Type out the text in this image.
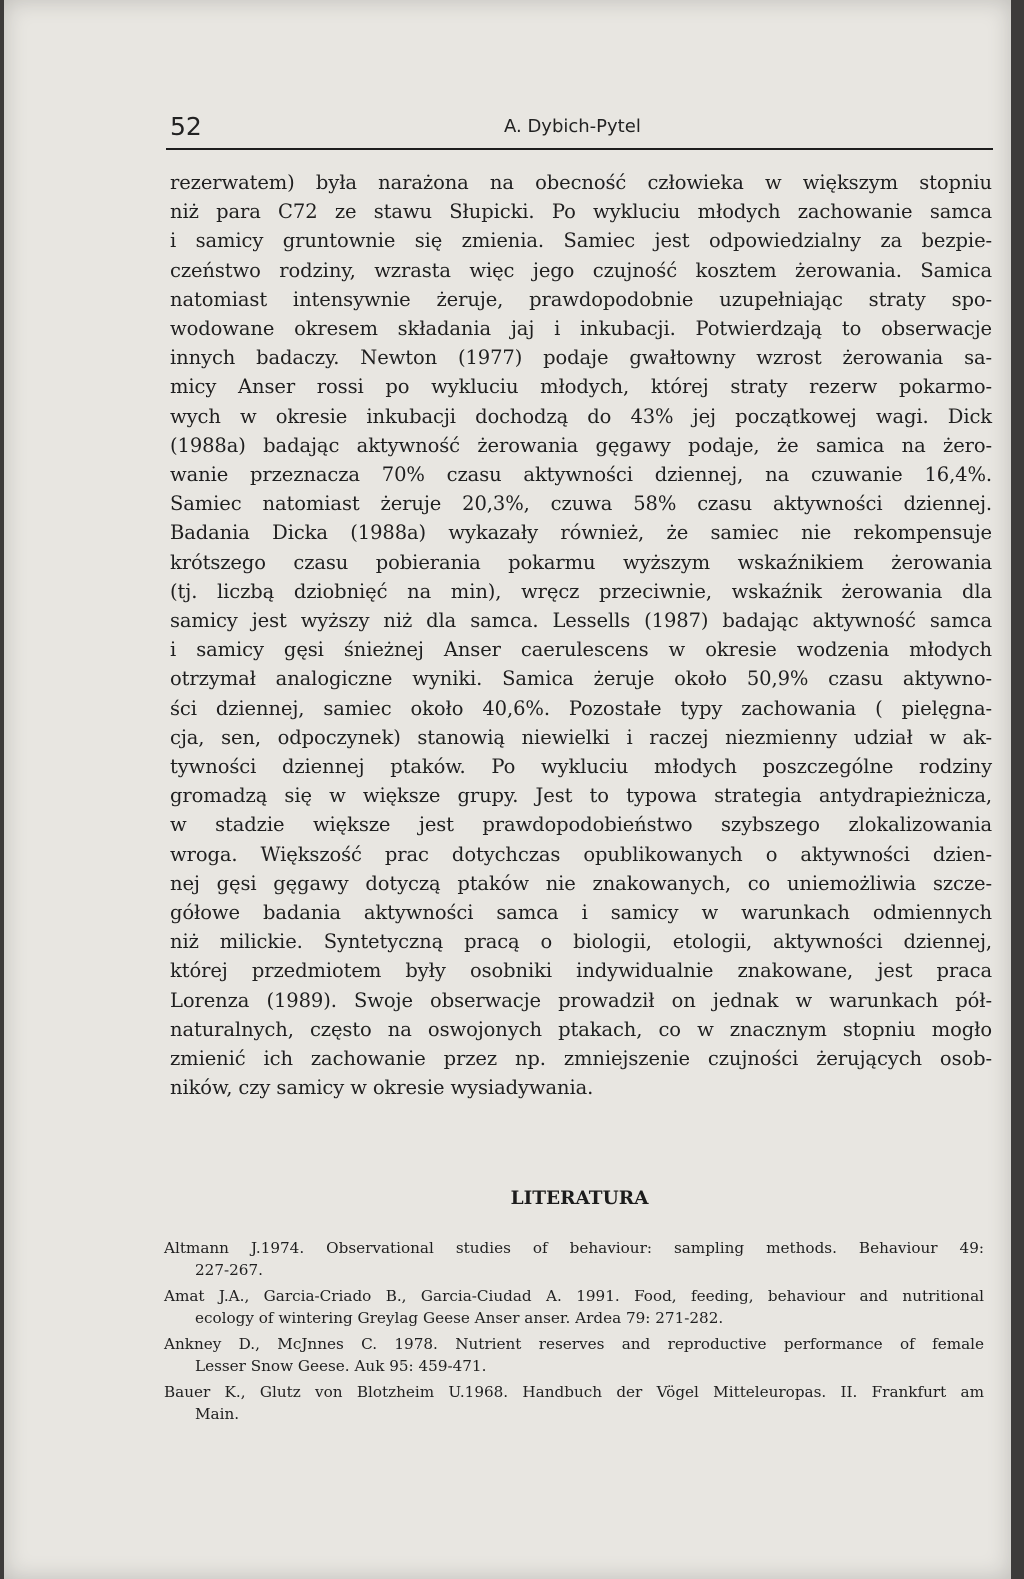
52	A. Dybich-Pytel
rezerwatem) była narażona na obecność człowieka w większym stopniu
niż para C72 ze stawu Słupicki. Po wykluciu młodych zachowanie samca
i samicy gruntownie się zmienia. Samiec jest odpowiedzialny za bezpie-
czeństwo rodziny, wzrasta więc jego czujność kosztem żerowania. Samica
natomiast intensywnie żeruje, prawdopodobnie uzupełniając straty spo-
wodowane okresem składania jaj i inkubacji. Potwierdzają to obserwacje
innych badaczy. Newton (1977) podaje gwałtowny wzrost żerowania sa-
micy Anser rossi po wykluciu młodych, której straty rezerw pokarmo-
wych w okresie inkubacji dochodzą do 43% jej początkowej wagi. Dick
(1988a) badając aktywność żerowania gęgawy podaje, że samica na żero-
wanie przeznacza 70% czasu aktywności dziennej, na czuwanie 16,4%.
Samiec natomiast żeruje 20,3%, czuwa 58% czasu aktywności dziennej.
Badania Dicka (1988a) wykazały również, że samiec nie rekompensuje
krótszego czasu pobierania pokarmu wyższym wskaźnikiem żerowania
(tj. liczbą dziobnięć na min), wręcz przeciwnie, wskaźnik żerowania dla
samicy jest wyższy niż dla samca. Lessells (1987) badając aktywność samca
i samicy gęsi śnieżnej Anser caerulescens w okresie wodzenia młodych
otrzymał analogiczne wyniki. Samica żeruje około 50,9% czasu aktywno-
ści dziennej, samiec około 40,6%. Pozostałe typy zachowania ( pielęgna-
cja, sen, odpoczynek) stanowią niewielki i raczej niezmienny udział w ak-
tywności dziennej ptaków. Po wykluciu młodych poszczególne rodziny
gromadzą się w większe grupy. Jest to typowa strategia antydrapieżnicza,
w stadzie większe jest prawdopodobieństwo szybszego zlokalizowania
wroga. Większość prac dotychczas opublikowanych o aktywności dzien-
nej gęsi gęgawy dotyczą ptaków nie znakowanych, co uniemożliwia szcze-
gółowe badania aktywności samca i samicy w warunkach odmiennych
niż milickie. Syntetyczną pracą o biologii, etologii, aktywności dziennej,
której przedmiotem były osobniki indywidualnie znakowane, jest praca
Lorenza (1989). Swoje obserwacje prowadził on jednak w warunkach pół-
naturalnych, często na oswojonych ptakach, co w znacznym stopniu mogło
zmienić ich zachowanie przez np. zmniejszenie czujności żerujących osob-
ników, czy samicy w okresie wysiadywania.
LITERATURA
Altmann J.1974. Observational studies of behaviour: sampling methods. Behaviour 49:
227-267.
Amat J.A., Garcia-Criado B., Garcia-Ciudad A. 1991. Food, feeding, behaviour and nutritional
ecology of wintering Greylag Geese Anser anser. Ardea 79: 271-282.
Ankney D., McJnnes C. 1978. Nutrient reserves and reproductive performance of female
Lesser Snow Geese. Auk 95: 459-471.
Bauer K., Glutz von Blotzheim U.1968. Handbuch der Vögel Mitteleuropas. II. Frankfurt am
Main.
